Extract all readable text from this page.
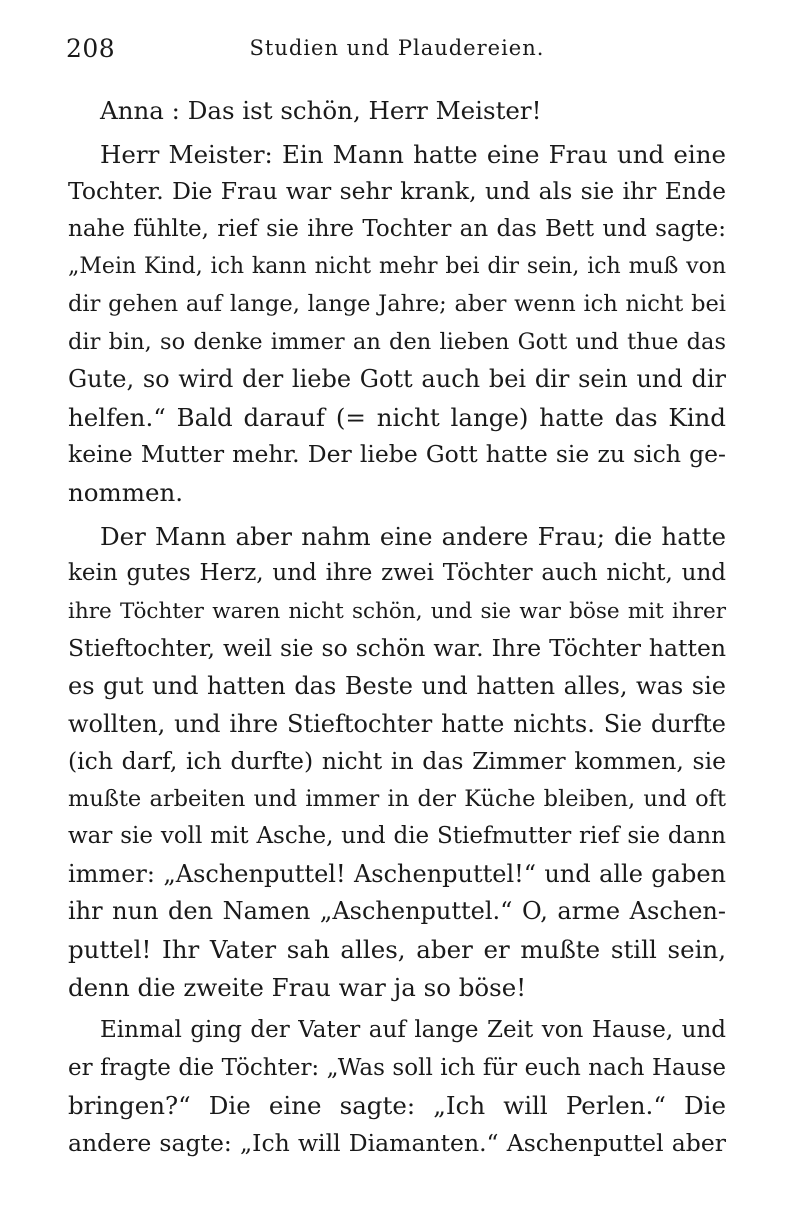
208	Studien und Plaudereien.
Anna : Das ist schön, Herr Meister!
Herr Meister: Ein Mann hatte eine Frau und eine
Tochter. Die Frau war sehr krank, und als sie ihr Ende
nahe fühlte, rief sie ihre Tochter an das Bett und sagte:
„Mein Kind, ich kann nicht mehr bei dir sein, ich muß von
dir gehen auf lange, lange Jahre; aber wenn ich nicht bei
dir bin, so denke immer an den lieben Gott und thue das
Gute, so wird der liebe Gott auch bei dir sein und dir
helfen.“ Bald darauf (= nicht lange) hatte das Kind
keine Mutter mehr. Der liebe Gott hatte sie zu sich ge-
nommen.
Der Mann aber nahm eine andere Frau; die hatte
kein gutes Herz, und ihre zwei Töchter auch nicht, und
ihre Töchter waren nicht schön, und sie war böse mit ihrer
Stieftochter, weil sie so schön war. Ihre Töchter hatten
es gut und hatten das Beste und hatten alles, was sie
wollten, und ihre Stieftochter hatte nichts. Sie durfte
(ich darf, ich durfte) nicht in das Zimmer kommen, sie
mußte arbeiten und immer in der Küche bleiben, und oft
war sie voll mit Asche, und die Stiefmutter rief sie dann
immer: „Aschenputtel! Aschenputtel!“ und alle gaben
ihr nun den Namen „Aschenputtel.“ O, arme Aschen-
puttel! Ihr Vater sah alles, aber er mußte still sein,
denn die zweite Frau war ja so böse!
Einmal ging der Vater auf lange Zeit von Hause, und
er fragte die Töchter: „Was soll ich für euch nach Hause
bringen?“ Die eine sagte: „Ich will Perlen.“ Die
andere sagte: „Ich will Diamanten.“ Aschenputtel aber
